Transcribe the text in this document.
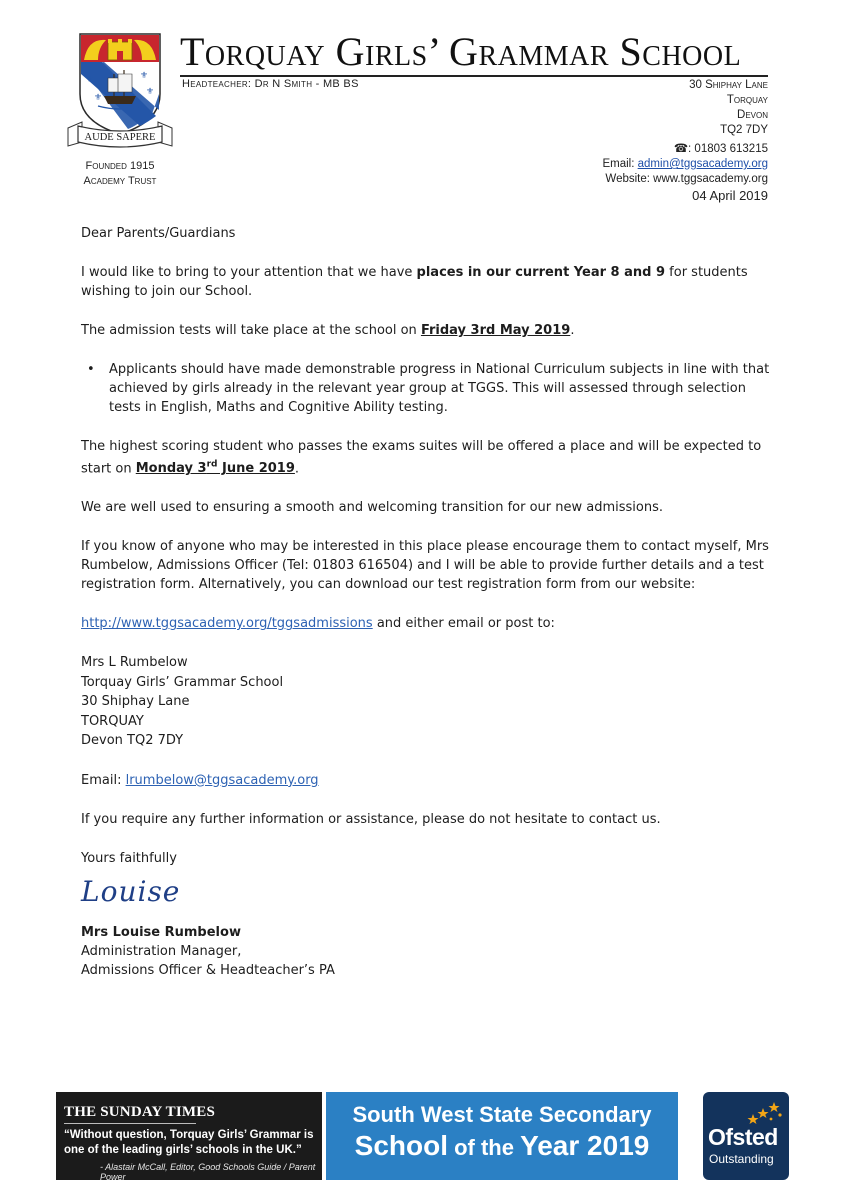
⚜
⚜
⚜
⚜
AUDE SAPERE
Torquay Girls’ Grammar School
Headteacher: Dr N Smith - MB BS	30 Shiphay Lane
Torquay
Devon
TQ2 7DY
☎: 01803 613215
Email: admin@tggsacademy.org
Website: www.tggsacademy.org
Founded 1915
Academy Trust
04 April 2019

Dear Parents/Guardians

I would like to bring to your attention that we have places in our current Year 8 and 9 for students wishing to join our School.

The admission tests will take place at the school on Friday 3rd May 2019.

• Applicants should have made demonstrable progress in National Curriculum subjects in line with that achieved by girls already in the relevant year group at TGGS. This will assessed through selection tests in English, Maths and Cognitive Ability testing.

The highest scoring student who passes the exams suites will be offered a place and will be expected to start on Monday 3rd June 2019.

We are well used to ensuring a smooth and welcoming transition for our new admissions.

If you know of anyone who may be interested in this place please encourage them to contact myself, Mrs Rumbelow, Admissions Officer (Tel: 01803 616504) and I will be able to provide further details and a test registration form. Alternatively, you can download our test registration form from our website:

http://www.tggsacademy.org/tggsadmissions and either email or post to:

Mrs L Rumbelow
Torquay Girls’ Grammar School
30 Shiphay Lane
TORQUAY
Devon TQ2 7DY

Email: lrumbelow@tggsacademy.org

If you require any further information or assistance, please do not hesitate to contact us.

Yours faithfully

Louise
Mrs Louise Rumbelow
Administration Manager,
Admissions Officer & Headteacher’s PA
THE SUNDAY TIMES
“Without question, Torquay Girls’ Grammar is one of the leading girls’ schools in the UK.”
- Alastair McCall, Editor, Good Schools Guide / Parent Power
South West State Secondary
School of the Year 2019	Ofsted
Outstanding
